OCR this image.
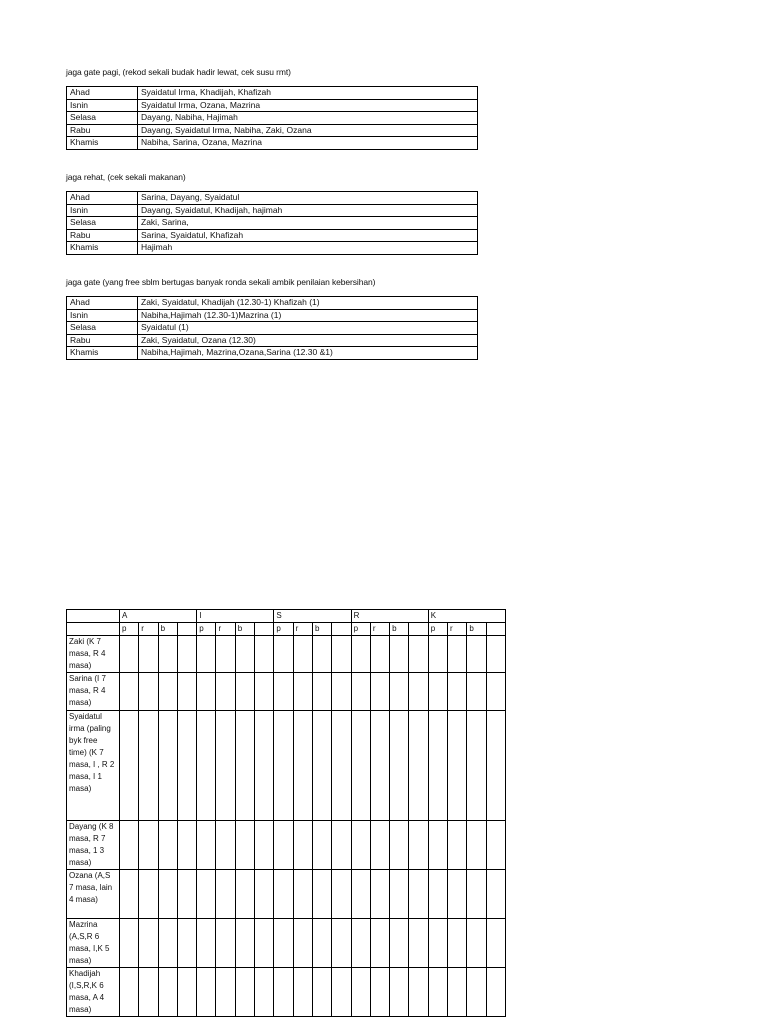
jaga gate pagi, (rekod sekali budak hadir lewat, cek susu rmt)
Ahad	Syaidatul Irma, Khadijah, Khafizah
Isnin	Syaidatul Irma, Ozana, Mazrina
Selasa	Dayang, Nabiha, Hajimah
Rabu	Dayang, Syaidatul Irma, Nabiha, Zaki, Ozana
Khamis	Nabiha, Sarina, Ozana, Mazrina
jaga rehat, (cek sekali makanan)
Ahad	Sarina, Dayang, Syaidatul
Isnin	Dayang, Syaidatul, Khadijah, hajimah
Selasa	Zaki, Sarina,
Rabu	Sarina, Syaidatul, Khafizah
Khamis	Hajimah
jaga gate (yang free sblm bertugas banyak ronda sekali ambik penilaian kebersihan)
Ahad	Zaki, Syaidatul, Khadijah (12.30-1) Khafizah (1)
Isnin	Nabiha,Hajimah (12.30-1)Mazrina (1)
Selasa	Syaidatul (1)
Rabu	Zaki, Syaidatul, Ozana (12.30)
Khamis	Nabiha,Hajimah, Mazrina,Ozana,Sarina (12.30 &1)
	A				I				S				R				K			
	p	r	b		p	r	b		p	r	b		p	r	b		p	r	b	
Zaki (K 7 masa, R 4 masa)																				
Sarina (I 7 masa, R 4 masa)																				
Syaidatul irma (paling byk free time) (K 7 masa, I , R 2 masa, I 1 masa)																				
Dayang (K 8 masa, R 7 masa, 1 3 masa)																				
Ozana (A,S 7 masa, lain 4 masa)																				
Mazrina (A,S,R 6 masa, I,K 5 masa)																				
Khadijah (I,S,R,K 6 masa, A 4 masa)																				
